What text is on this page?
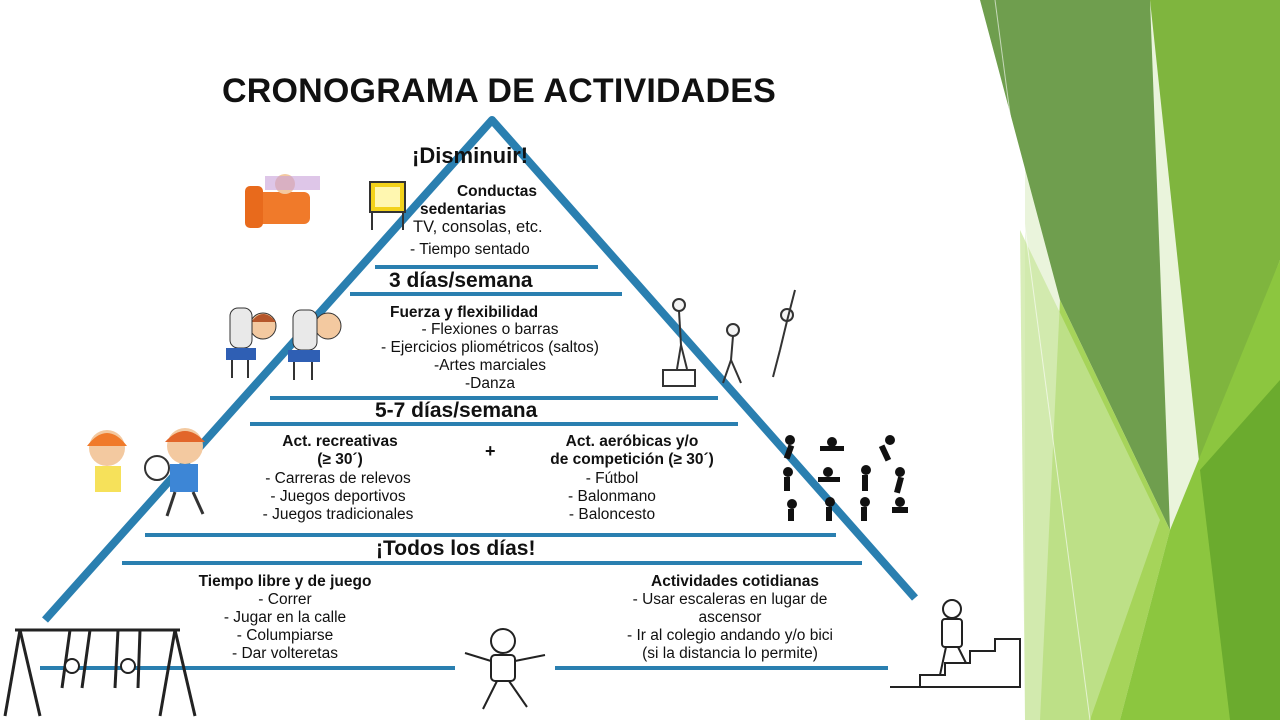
CRONOGRAMA DE ACTIVIDADES
¡Disminuir!
Conductas
sedentarias
TV, consolas, etc.
- Tiempo sentado
3 días/semana
Fuerza y flexibilidad
- Flexiones o barras
- Ejercicios pliométricos (saltos)
-Artes marciales
-Danza
5-7 días/semana
Act. recreativas
(≥ 30´)
- Carreras de relevos
- Juegos deportivos
- Juegos tradicionales
+	Act. aeróbicas y/o
de competición (≥ 30´)
- Fútbol
- Balonmano
- Baloncesto
¡Todos los días!
Tiempo libre y de juego
- Correr
- Jugar en la calle
- Columpiarse
- Dar volteretas
Actividades cotidianas
- Usar escaleras en lugar de
ascensor
- Ir al colegio andando y/o bici
(si la distancia lo permite)
